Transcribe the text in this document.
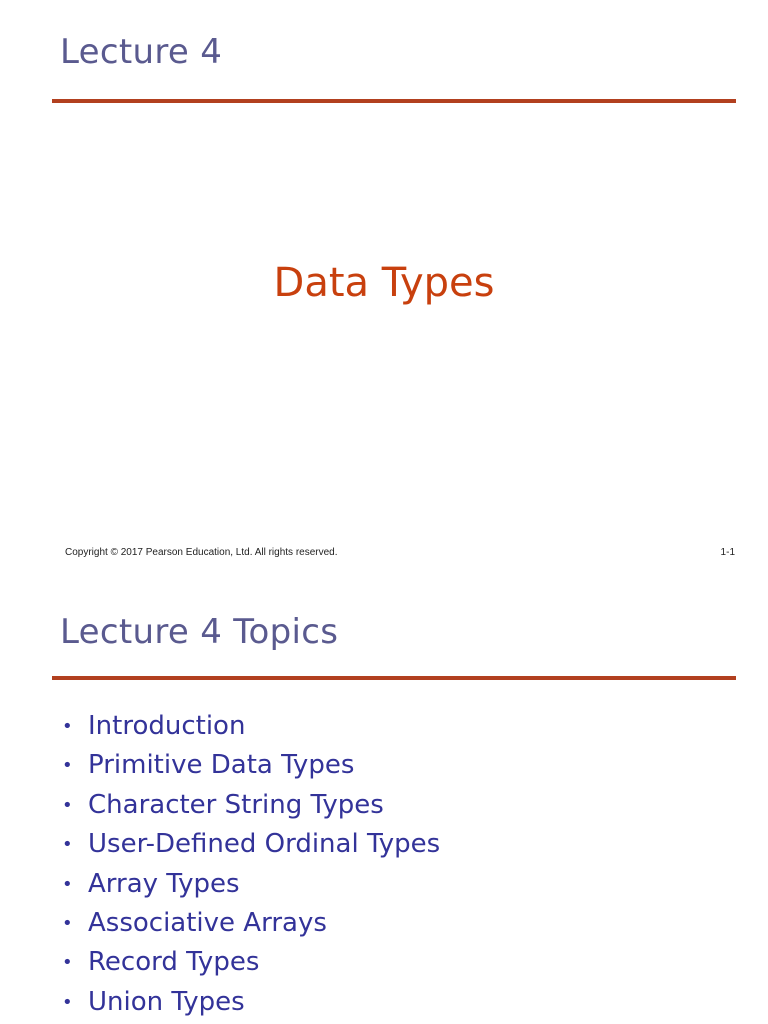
Lecture 4
Data Types
Copyright © 2017 Pearson Education, Ltd. All rights reserved.	1-1
Lecture 4 Topics
• Introduction
• Primitive Data Types
• Character String Types
• User-Defined Ordinal Types
• Array Types
• Associative Arrays
• Record Types
• Union Types
